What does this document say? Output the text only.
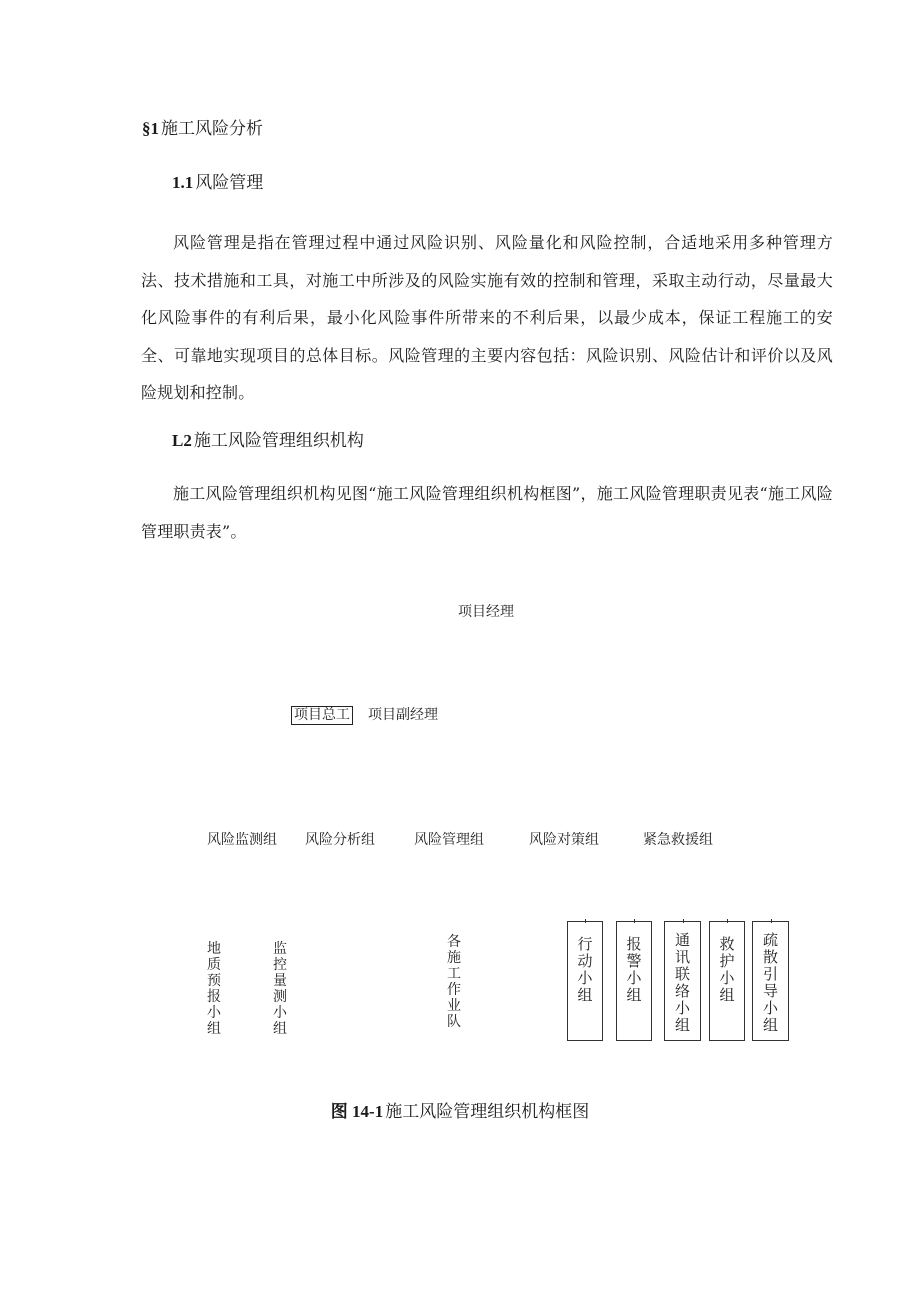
§1 施工风险分析
1.1 风险管理
风险管理是指在管理过程中通过风险识别、风险量化和风险控制，合适地采用多种管理方法、技术措施和工具，对施工中所涉及的风险实施有效的控制和管理，采取主动行动，尽量最大化风险事件的有利后果，最小化风险事件所带来的不利后果，以最少成本，保证工程施工的安全、可靠地实现项目的总体目标。风险管理的主要内容包括：风险识别、风险估计和评价以及风险规划和控制。
L2 施工风险管理组织机构
施工风险管理组织机构见图“施工风险管理组织机构框图”，施工风险管理职责见表“施工风险管理职责表”。
项目经理
项目总工 项目副经理
风险监测组 风险分析组	风险管理组	风险对策组	紧急救援组
地质预报小组
监控量测小组
各施工作业队
行动小组
报警小组
通讯联络小组
救护小组
疏散引导小组
图 14-1 施工风险管理组织机构框图
